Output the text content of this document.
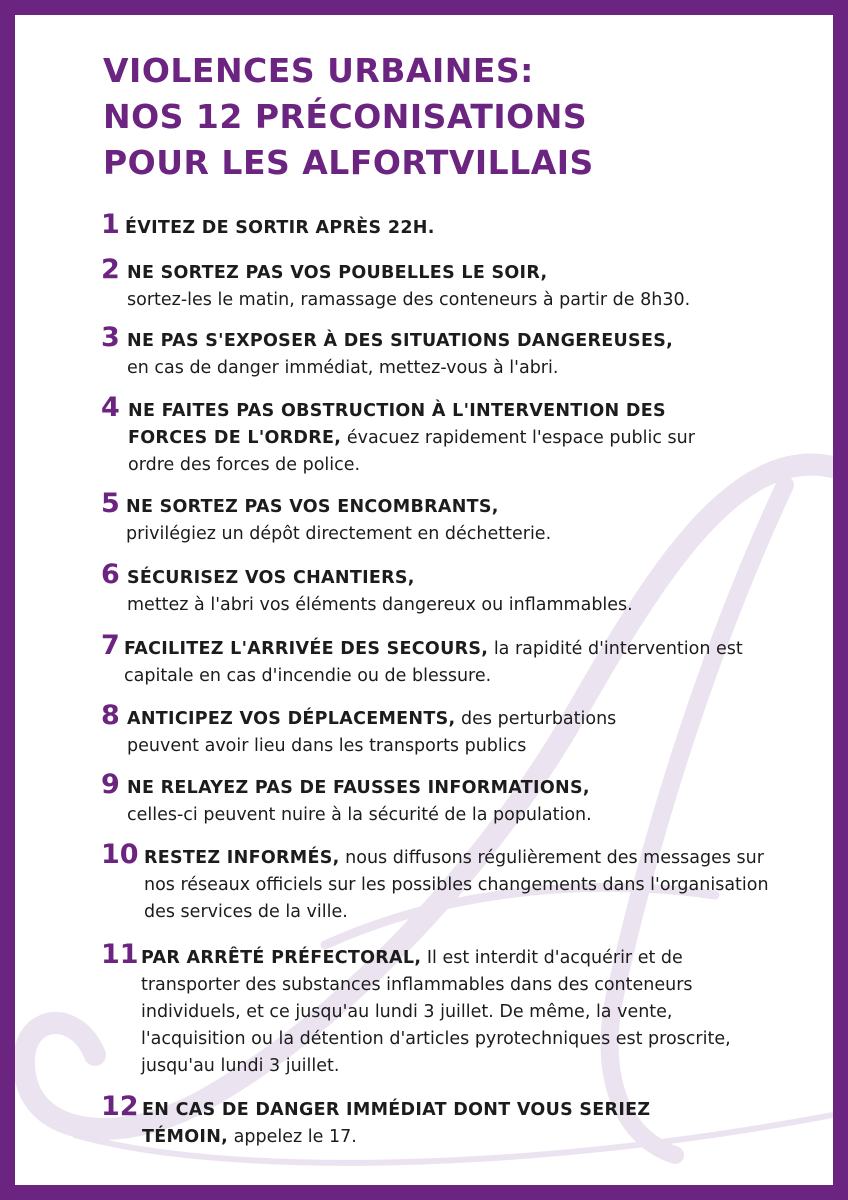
VIOLENCES URBAINES:
NOS 12 PRÉCONISATIONS
POUR LES ALFORTVILLAIS
1 ÉVITEZ DE SORTIR APRÈS 22H.
2 NE SORTEZ PAS VOS POUBELLES LE SOIR,
sortez-les le matin, ramassage des conteneurs à partir de 8h30.
3 NE PAS S'EXPOSER À DES SITUATIONS DANGEREUSES,
en cas de danger immédiat, mettez-vous à l'abri.
4 NE FAITES PAS OBSTRUCTION À L'INTERVENTION DES FORCES DE L'ORDRE, évacuez rapidement l'espace public sur ordre des forces de police.
5 NE SORTEZ PAS VOS ENCOMBRANTS,
privilégiez un dépôt directement en déchetterie.
6 SÉCURISEZ VOS CHANTIERS,
mettez à l'abri vos éléments dangereux ou inflammables.
7 FACILITEZ L'ARRIVÉE DES SECOURS, la rapidité d'intervention est capitale en cas d'incendie ou de blessure.
8 ANTICIPEZ VOS DÉPLACEMENTS, des perturbations peuvent avoir lieu dans les transports publics
9 NE RELAYEZ PAS DE FAUSSES INFORMATIONS,
celles-ci peuvent nuire à la sécurité de la population.
10 RESTEZ INFORMÉS, nous diffusons régulièrement des messages sur nos réseaux officiels sur les possibles changements dans l'organisation des services de la ville.
11 PAR ARRÊTÉ PRÉFECTORAL, Il est interdit d'acquérir et de transporter des substances inflammables dans des conteneurs individuels, et ce jusqu'au lundi 3 juillet. De même, la vente, l'acquisition ou la détention d'articles pyrotechniques est proscrite, jusqu'au lundi 3 juillet.
12 EN CAS DE DANGER IMMÉDIAT DONT VOUS SERIEZ TÉMOIN, appelez le 17.
